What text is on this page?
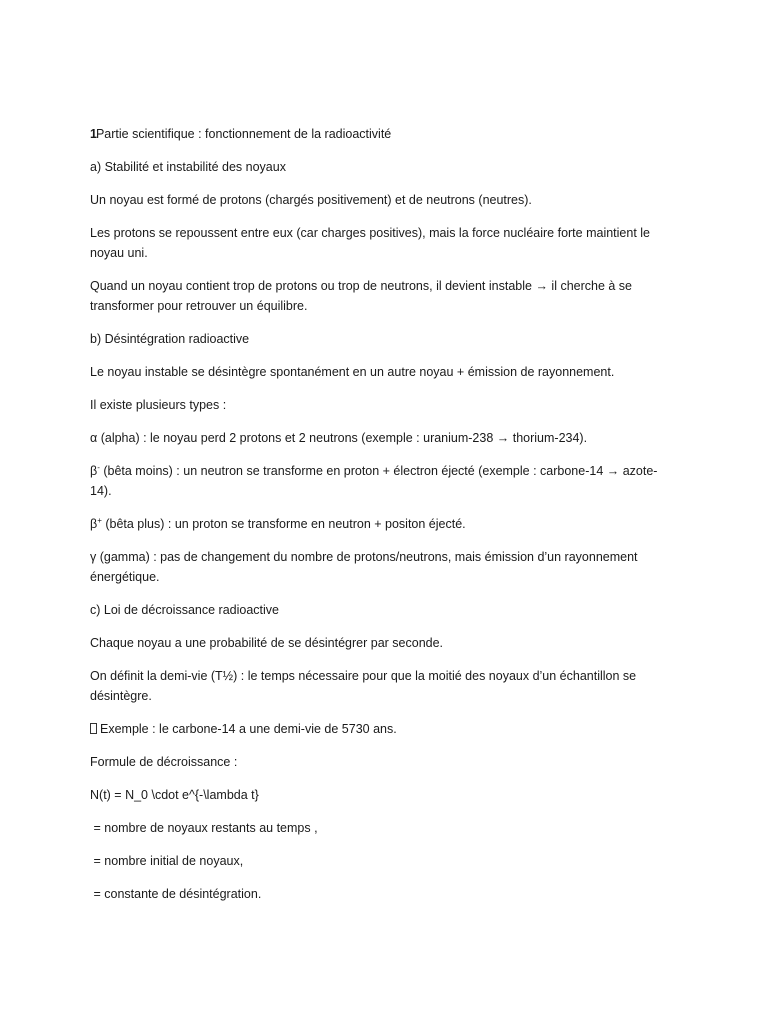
1Partie scientifique : fonctionnement de la radioactivité

a) Stabilité et instabilité des noyaux

Un noyau est formé de protons (chargés positivement) et de neutrons (neutres).

Les protons se repoussent entre eux (car charges positives), mais la force nucléaire forte maintient le noyau uni.

Quand un noyau contient trop de protons ou trop de neutrons, il devient instable → il cherche à se transformer pour retrouver un équilibre.

b) Désintégration radioactive

Le noyau instable se désintègre spontanément en un autre noyau + émission de rayonnement.

Il existe plusieurs types :

α (alpha) : le noyau perd 2 protons et 2 neutrons (exemple : uranium-238 → thorium-234).

β- (bêta moins) : un neutron se transforme en proton + électron éjecté (exemple : carbone-14 → azote-14).

β+ (bêta plus) : un proton se transforme en neutron + positon éjecté.

γ (gamma) : pas de changement du nombre de protons/neutrons, mais émission d’un rayonnement énergétique.

c) Loi de décroissance radioactive

Chaque noyau a une probabilité de se désintégrer par seconde.

On définit la demi-vie (T½) : le temps nécessaire pour que la moitié des noyaux d’un échantillon se désintègre.

Exemple : le carbone-14 a une demi-vie de 5730 ans.

Formule de décroissance :

N(t) = N_0 \cdot e^{-\lambda t}

= nombre de noyaux restants au temps ,

= nombre initial de noyaux,

= constante de désintégration.
